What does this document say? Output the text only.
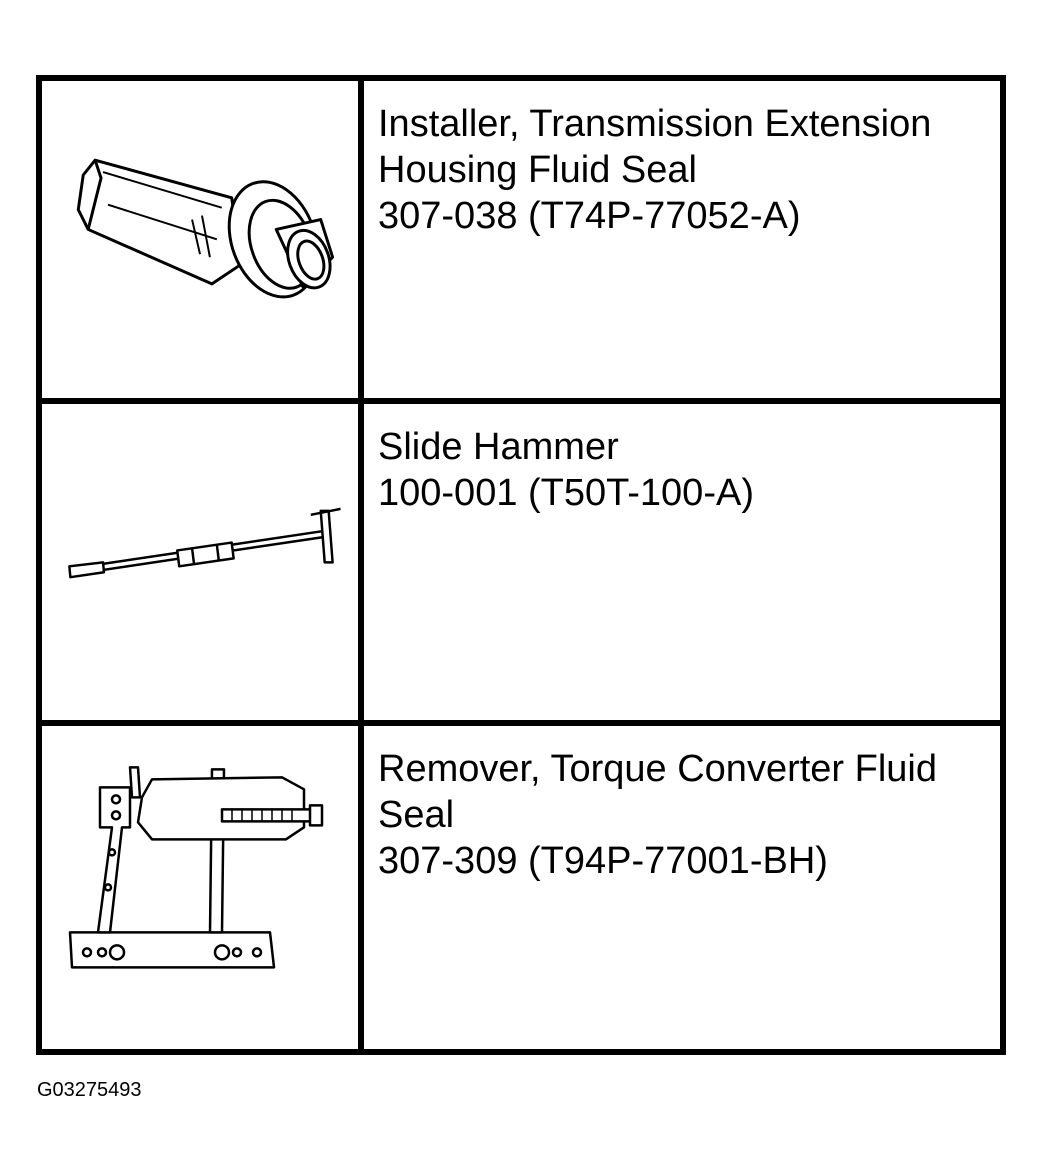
Installer, Transmission Extension
Housing Fluid Seal
307-038 (T74P-77052-A)
Slide Hammer
100-001 (T50T-100-A)
Remover, Torque Converter Fluid
Seal
307-309 (T94P-77001-BH)
G03275493
